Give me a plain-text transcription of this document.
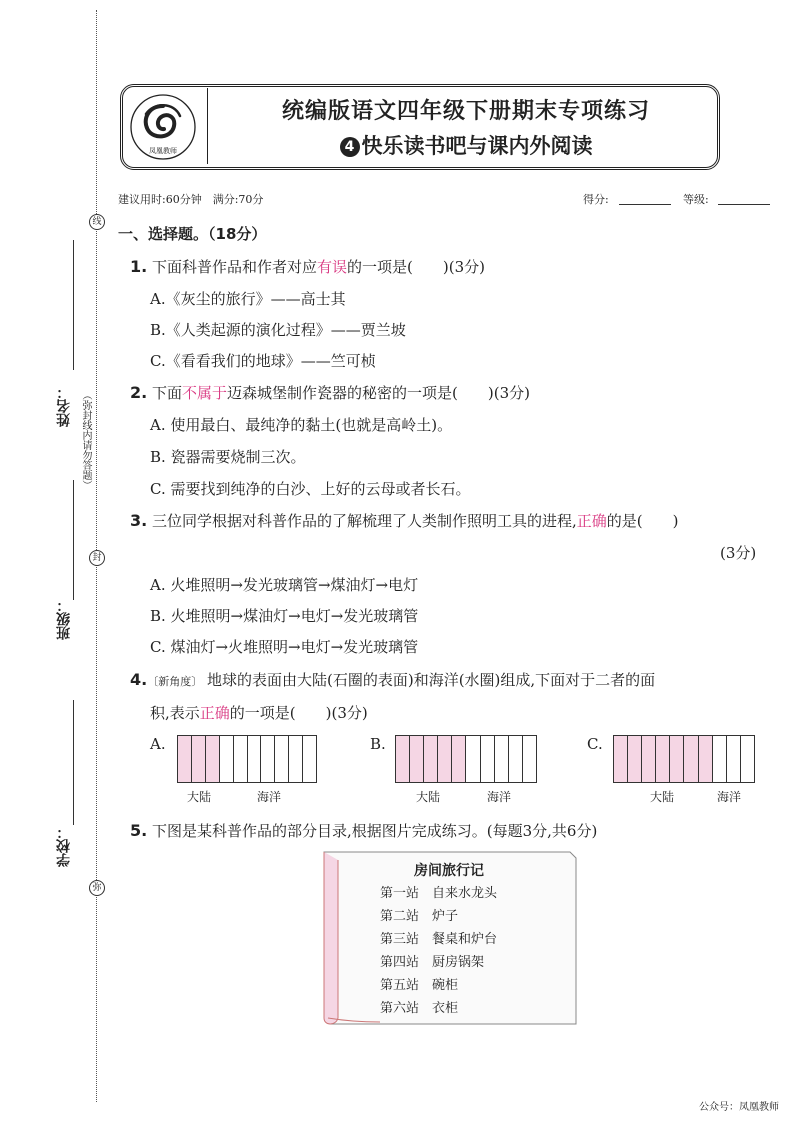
线
封
弥
（弥封线内请勿答题）
姓名：
班级：
学校：
凤凰教师
统编版语文四年级下册期末专项练习
4 快乐读书吧与课内外阅读
建议用时:60分钟　满分:70分	得分:	等级:
一、选择题。（18分）
1. 下面科普作品和作者对应有误的一项是(　　)(3分)
A.《灰尘的旅行》——高士其
B.《人类起源的演化过程》——贾兰坡
C.《看看我们的地球》——竺可桢
2. 下面不属于迈森城堡制作瓷器的秘密的一项是(　　)(3分)
A. 使用最白、最纯净的黏土(也就是高岭土)。
B. 瓷器需要烧制三次。
C. 需要找到纯净的白沙、上好的云母或者长石。
3. 三位同学根据对科普作品的了解梳理了人类制作照明工具的进程,正确的是(　　)
(3分)
A. 火堆照明→发光玻璃管→煤油灯→电灯
B. 火堆照明→煤油灯→电灯→发光玻璃管
C. 煤油灯→火堆照明→电灯→发光玻璃管
4.〔新角度〕 地球的表面由大陆(石圈的表面)和海洋(水圈)组成,下面对于二者的面
积,表示正确的一项是(　　)(3分)
A.
大陆	海洋
B.
大陆	海洋
C.
大陆	海洋
5. 下图是某科普作品的部分目录,根据图片完成练习。(每题3分,共6分)
房间旅行记
第一站　 自来水龙头
第二站　 炉子
第三站　 餐桌和炉台
第四站　 厨房锅架
第五站　 碗柜
第六站　 衣柜
公众号：凤凰教师
